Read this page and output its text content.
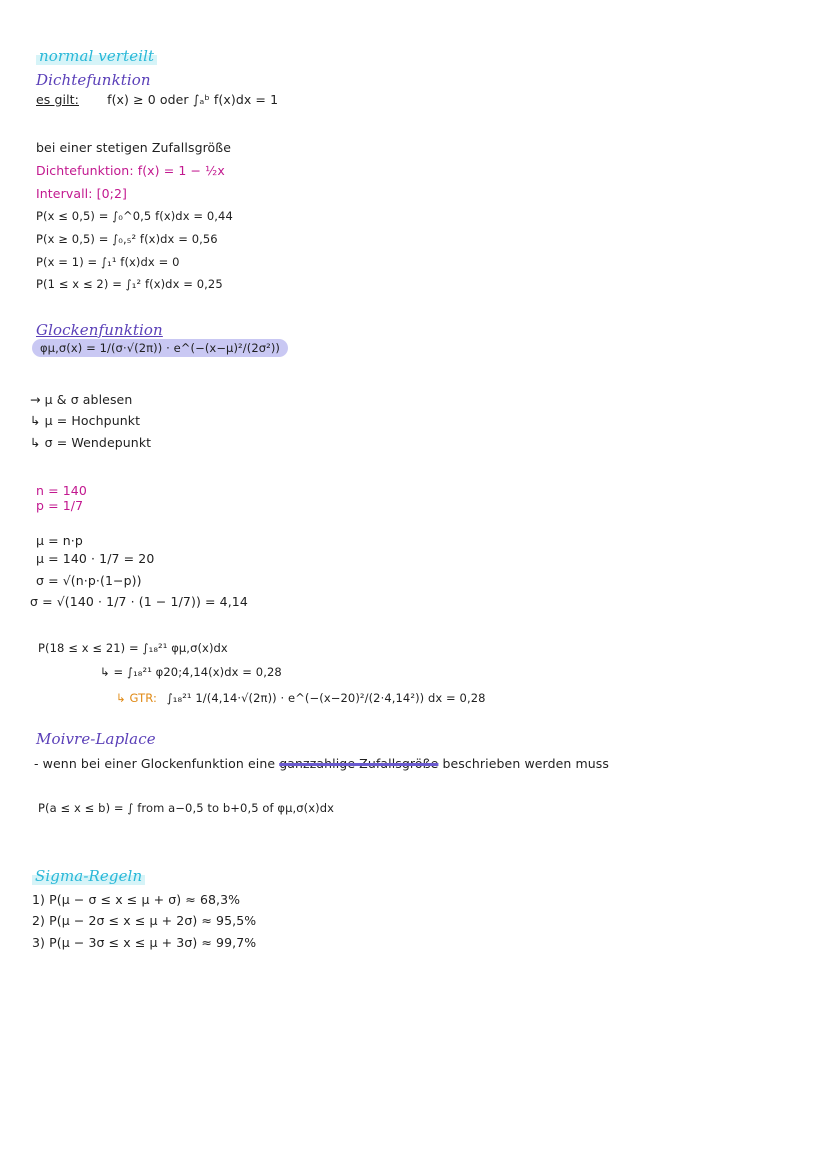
normal verteilt
Dichtefunktion
es gilt: f(x) ≥ 0 oder ∫ₐᵇ f(x)dx = 1
bei einer stetigen Zufallsgröße
Dichtefunktion: f(x) = 1 − ½x
Intervall: [0;2]
P(x ≤ 0,5) = ∫₀^0,5 f(x)dx = 0,44
P(x ≥ 0,5) = ∫₀,₅² f(x)dx = 0,56
P(x = 1) = ∫₁¹ f(x)dx = 0
P(1 ≤ x ≤ 2) = ∫₁² f(x)dx = 0,25
Glockenfunktion
φμ,σ(x) = 1/(σ·√(2π)) · e^(−(x−μ)²/(2σ²))
→ μ & σ ablesen
↳ μ = Hochpunkt
↳ σ = Wendepunkt
n = 140
p = 1/7
μ = n·p
μ = 140 · 1/7 = 20
σ = √(n·p·(1−p))
σ = √(140 · 1/7 · (1 − 1/7)) = 4,14
P(18 ≤ x ≤ 21) = ∫₁₈²¹ φμ,σ(x)dx
↳ = ∫₁₈²¹ φ20;4,14(x)dx = 0,28
↳ GTR: ∫₁₈²¹ 1/(4,14·√(2π)) · e^(−(x−20)²/(2·4,14²)) dx = 0,28
Moivre-Laplace
- wenn bei einer Glockenfunktion eine ganzzahlige Zufallsgröße beschrieben werden muss
P(a ≤ x ≤ b) = ∫ from a−0,5 to b+0,5 of φμ,σ(x)dx
Sigma-Regeln
1) P(μ − σ ≤ x ≤ μ + σ) ≈ 68,3%
2) P(μ − 2σ ≤ x ≤ μ + 2σ) ≈ 95,5%
3) P(μ − 3σ ≤ x ≤ μ + 3σ) ≈ 99,7%
